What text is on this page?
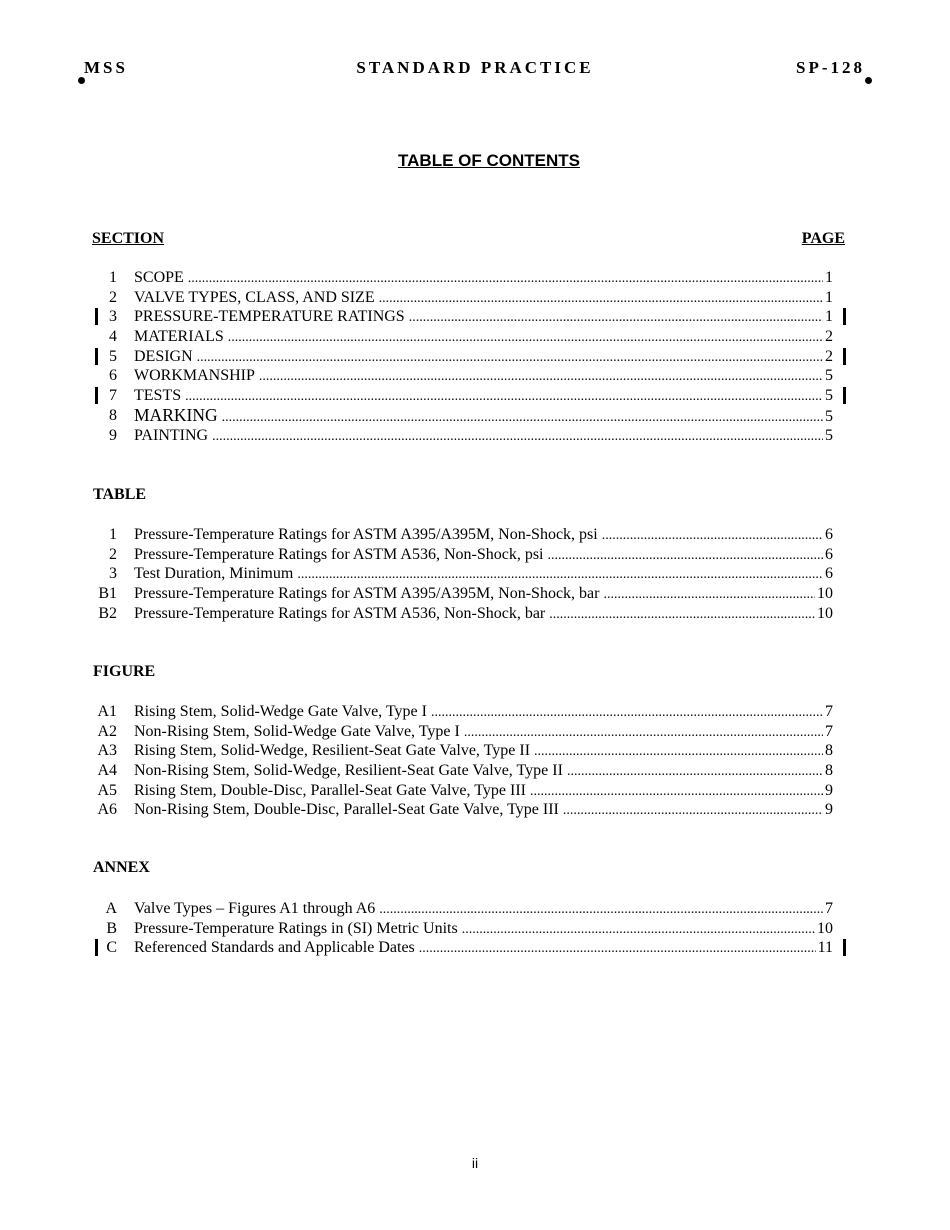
MSS	STANDARD PRACTICE	SP-128
TABLE OF CONTENTS
SECTION	PAGE
1 SCOPE .....	1
2 VALVE TYPES, CLASS, AND SIZE .....	1
3 PRESSURE-TEMPERATURE RATINGS .....	1
4 MATERIALS .....	2
5 DESIGN .....	2
6 WORKMANSHIP .....	5
7 TESTS .....	5
8 MARKING .....	5
9 PAINTING .....	5
TABLE
1 Pressure-Temperature Ratings for ASTM A395/A395M, Non-Shock, psi .....	6
2 Pressure-Temperature Ratings for ASTM A536, Non-Shock, psi .....	6
3 Test Duration, Minimum .....	6
B1 Pressure-Temperature Ratings for ASTM A395/A395M, Non-Shock, bar .....	10
B2 Pressure-Temperature Ratings for ASTM A536, Non-Shock, bar .....	10
FIGURE
A1 Rising Stem, Solid-Wedge Gate Valve, Type I .....	7
A2 Non-Rising Stem, Solid-Wedge Gate Valve, Type I .....	7
A3 Rising Stem, Solid-Wedge, Resilient-Seat Gate Valve, Type II .....	8
A4 Non-Rising Stem, Solid-Wedge, Resilient-Seat Gate Valve, Type II .....	8
A5 Rising Stem, Double-Disc, Parallel-Seat Gate Valve, Type III .....	9
A6 Non-Rising Stem, Double-Disc, Parallel-Seat Gate Valve, Type III .....	9
ANNEX
A Valve Types – Figures A1 through A6 .....	7
B Pressure-Temperature Ratings in (SI) Metric Units .....	10
C Referenced Standards and Applicable Dates .....	11
ii
